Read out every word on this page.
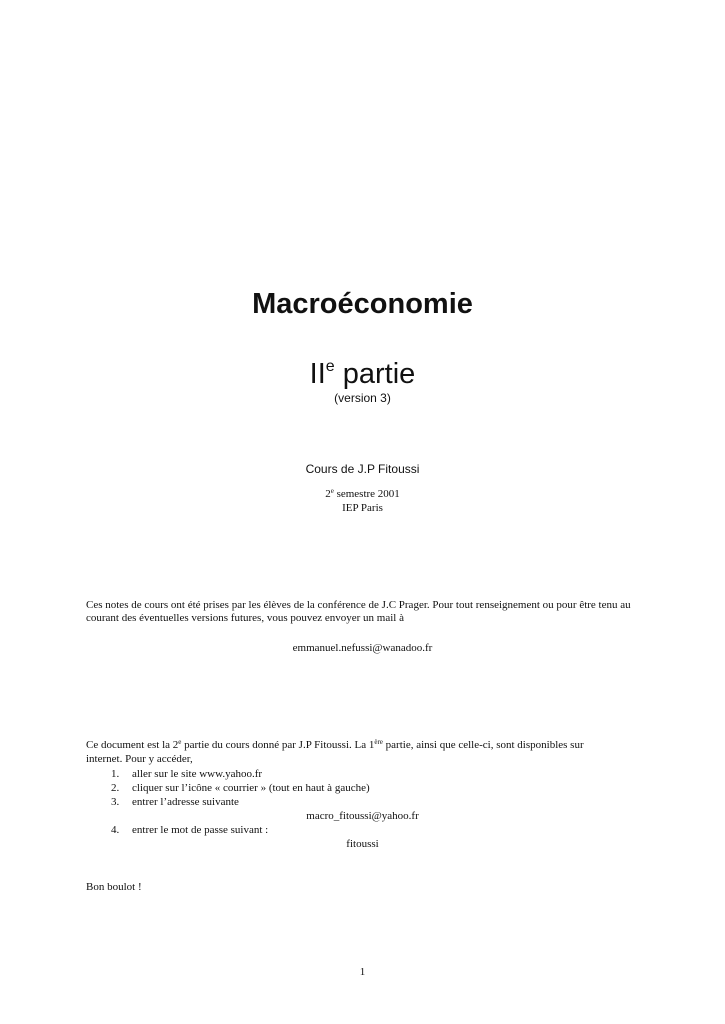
Macroéconomie
IIe partie
(version 3)
Cours de J.P Fitoussi
2e semestre 2001
IEP Paris
Ces notes de cours ont été prises par les élèves de la conférence de J.C Prager. Pour tout renseignement ou pour être tenu au courant des éventuelles versions futures, vous pouvez envoyer un mail à
emmanuel.nefussi@wanadoo.fr
Ce document est la 2e partie du cours donné par J.P Fitoussi. La 1ère partie, ainsi que celle-ci, sont disponibles sur
internet. Pour y accéder,
1. aller sur le site www.yahoo.fr
2. cliquer sur l’icône « courrier » (tout en haut à gauche)
3. entrer l’adresse suivante
macro_fitoussi@yahoo.fr
4. entrer le mot de passe suivant :
fitoussi
Bon boulot !
1
